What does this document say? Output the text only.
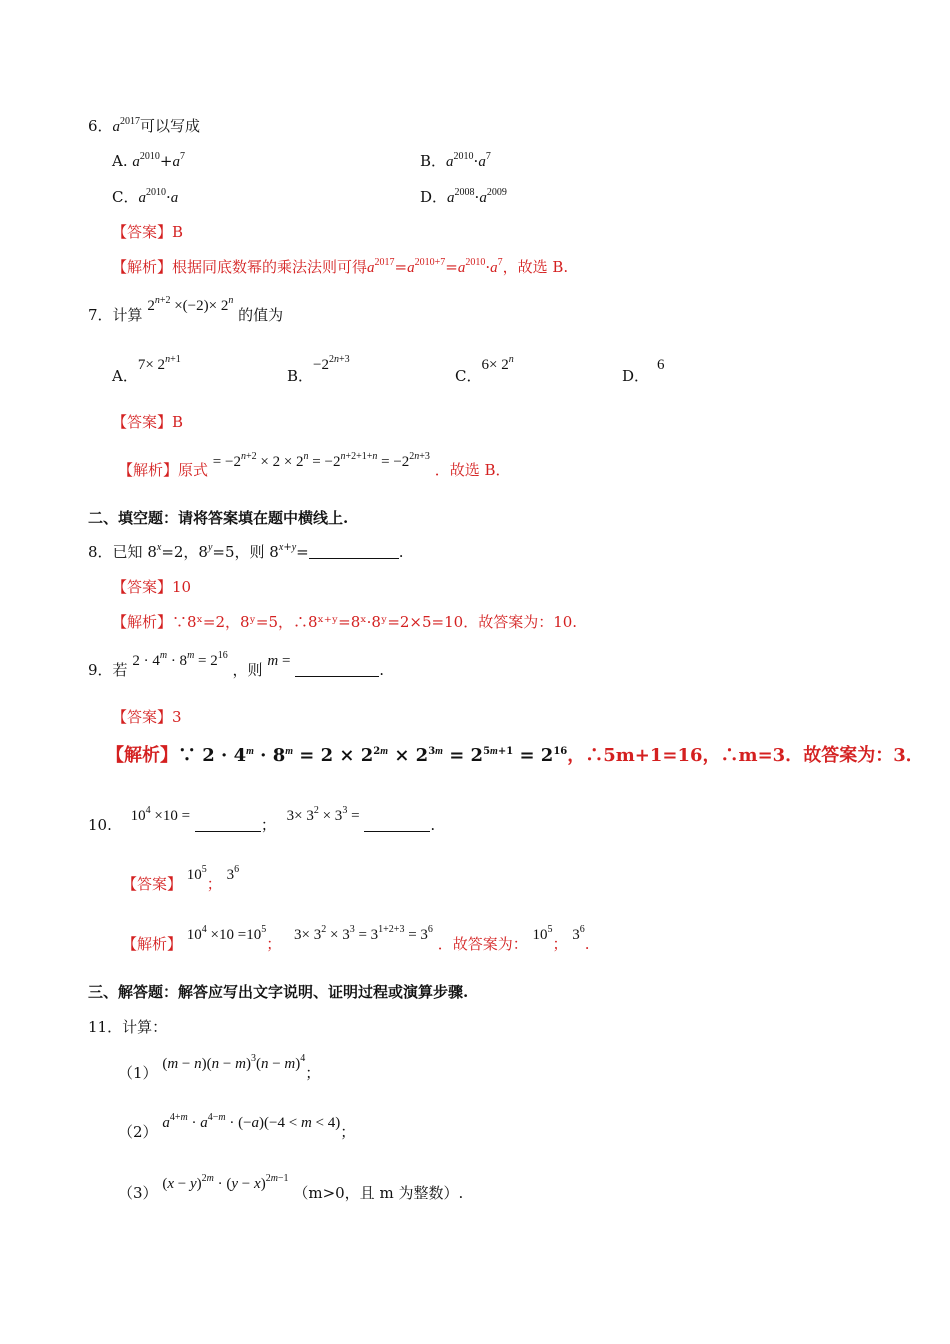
6．$a^{2017}$可以写成
A. $a^{2010}+a^7$	B．$a^{2010}\cdot a^7$
C．$a^{2010}\cdot a$	D．$a^{2008}\cdot a^{2009}$
【答案】B
【解析】根据同底数幂的乘法法则可得$a^{2017}=a^{2010+7}=a^{2010}\cdot a^7$，故选 B.
7．计算 $2^{n+2} \times(-2)\times 2^n$ 的值为
A．$7\times 2^{n+1}$
B．$-2^{2n+3}$
C．$6\times 2^n$
D．6
【答案】B
【解析】原式 = $-2^{n+2} \times 2 \times 2^n = -2^{n+2+1+n} = -2^{2n+3}$ ．故选 B．
二、填空题：请将答案填在题中横线上.
8．已知 $8^x=2$，$8^y=5$，则 $8^{x+y}=$	.
【答案】10
【解析】∵8ˣ=2，8ʸ=5，∴8ˣ⁺ʸ=8ˣ·8ʸ=2×5=10．故答案为：10.
9．若 $2 \cdot 4^m \cdot 8^m = 2^{16}$ ，则 m =	.
【答案】3
【解析】∵ $2 \cdot 4^m \cdot 8^m = 2 \times 2^{2m} \times 2^{3m} = 2^{5m+1} = 2^{16}$，∴5m+1=16，∴m=3．故答案为：3．
10. $10^4 \times 10$ =	； $3\times 3^2 \times 3^3$ =	.
【答案】 $10^5$； $3^6$
【解析】 $10^4 \times 10 =10^5$； $3\times 3^2 \times 3^3 = 3^{1+2+3} = 3^6$ ．故答案为： $10^5$； $3^6$.
三、解答题：解答应写出文字说明、证明过程或演算步骤.
11．计算：
（1） $(m - n)(n - m)^3(n - m)^4$；
（2） $a^{4+m} \cdot a^{4-m} \cdot (-a)(-4 < m < 4)$；
（3） $(x - y)^{2m} \cdot (y - x)^{2m-1}$ （m>0，且 m 为整数）.
